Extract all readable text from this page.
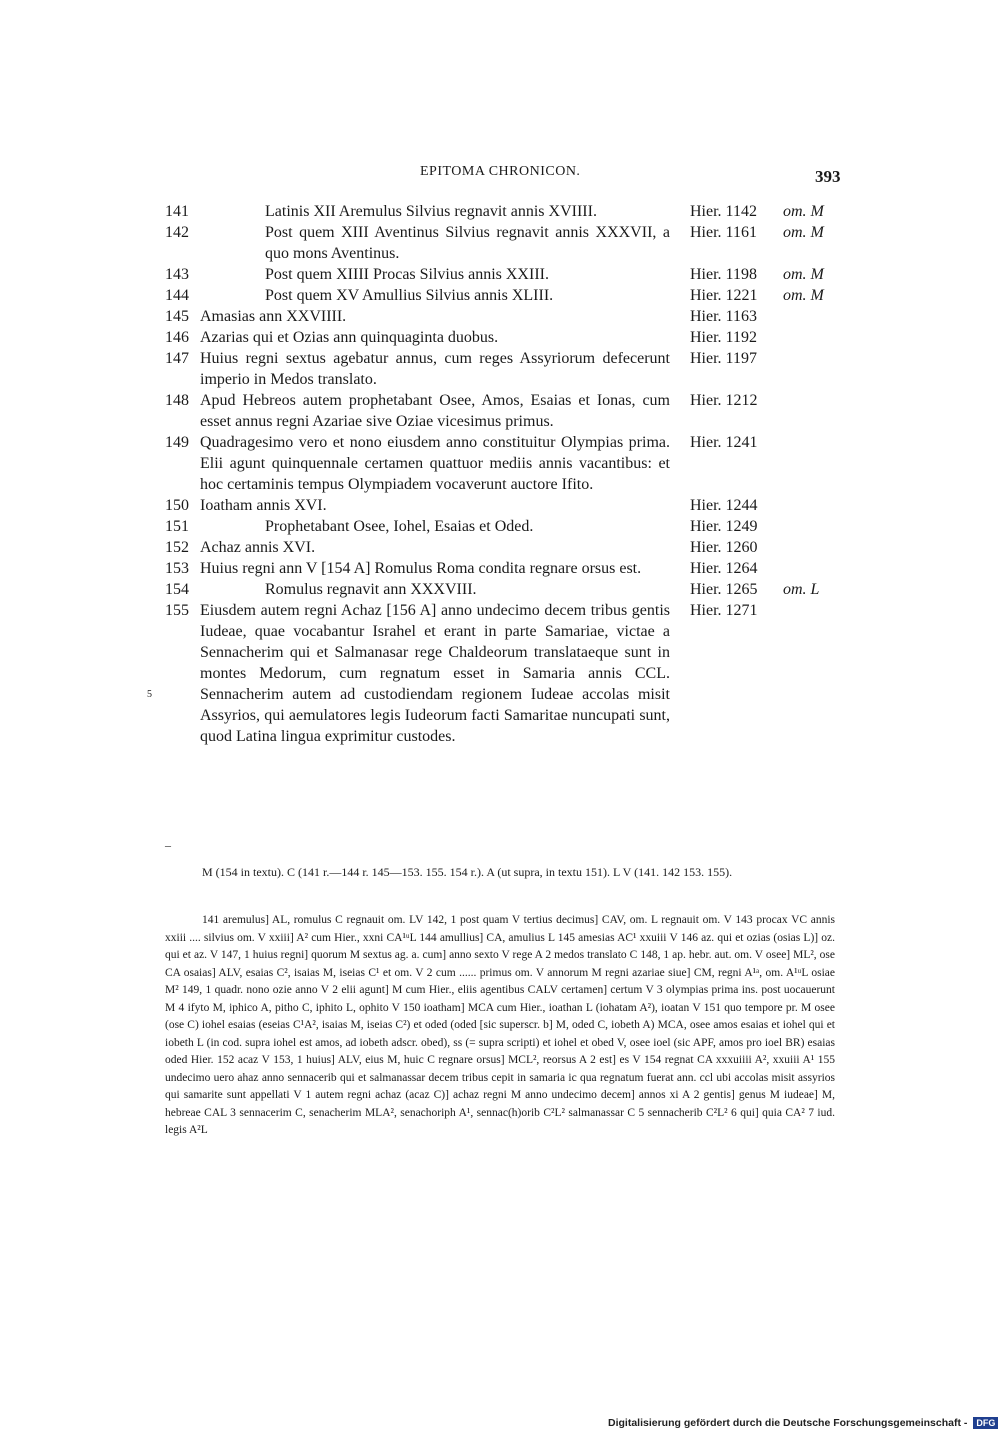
EPITOMA CHRONICON.	393
141	Latinis XII Aremulus Silvius regnavit annis XVIIII.	Hier. 1142 om. M
142	Post quem XIII Aventinus Silvius regnavit annis XXXVII, a quo mons Aventinus.
Hier. 1161 om. M
143	Post quem XIIII Procas Silvius annis XXIII.	Hier. 1198 om. M
144	Post quem XV Amullius Silvius annis XLIII.	Hier. 1221 om. M
145 Amasias ann XXVIIII.	Hier. 1163
146 Azarias qui et Ozias ann quinquaginta duobus.	Hier. 1192
147 Huius regni sextus agebatur annus, cum reges Assyriorum defecerunt imperio in Medos translato.
Hier. 1197
148 Apud Hebreos autem prophetabant Osee, Amos, Esaias et Ionas, cum esset annus regni Azariae sive Oziae vicesimus primus.
Hier. 1212
149 Quadragesimo vero et nono eiusdem anno constituitur Olympias prima. Elii agunt quinquennale certamen quattuor mediis annis vacantibus: et hoc certaminis tempus Olympiadem vocaverunt auctore Ifito.
Hier. 1241
150 Ioatham annis XVI.	Hier. 1244
151	Prophetabant Osee, Iohel, Esaias et Oded.	Hier. 1249
152 Achaz annis XVI.	Hier. 1260
153 Huius regni ann V [154 A] Romulus Roma condita regnare orsus est.	Hier. 1264
154	Romulus regnavit ann XXXVIII.	Hier. 1265 om. L
155 Eiusdem autem regni Achaz [156 A] anno undecimo decem tribus gentis Iudeae, quae vocabantur Israhel et erant in parte Samariae, victae a Sennacherim qui et Salmanasar rege Chaldeorum translataeque sunt in montes Medorum, cum regnatum esset in Samaria annis CCL. Sennacherim autem ad custodiendam regionem Iudeae accolas misit Assyrios, qui aemulatores legis Iudeorum facti Samaritae nuncupati sunt, quod Latina lingua exprimitur custodes.
Hier. 1271
5
–
M (154 in textu). C (141 r.—144 r. 145—153. 155. 154 r.). A (ut supra, in textu 151). L V (141. 142 153. 155).
141 aremulus] AL, romulus C regnauit om. LV 142, 1 post quam V tertius decimus] CAV, om. L regnauit om. V 143 procax VC annis xxiii .... silvius om. V xxiii] A² cum Hier., xxni CA¹ᵘL 144 amullius] CA, amulius L 145 amesias AC¹ xxuiii V 146 az. qui et ozias (osias L)] oz. qui et az. V 147, 1 huius regni] quorum M sextus ag. a. cum] anno sexto V rege A 2 medos translato C 148, 1 ap. hebr. aut. om. V osee] ML², ose CA osaias] ALV, esaias C², isaias M, iseias C¹ et om. V 2 cum ...... primus om. V annorum M regni azariae siue] CM, regni A¹ᵃ, om. A¹ᵘL osiae M² 149, 1 quadr. nono ozie anno V 2 elii agunt] M cum Hier., eliis agentibus CALV certamen] certum V 3 olympias prima ins. post uocauerunt M 4 ifyto M, iphico A, pitho C, iphito L, ophito V 150 ioatham] MCA cum Hier., ioathan L (iohatam A²), ioatan V 151 quo tempore pr. M osee (ose C) iohel esaias (eseias C¹A², isaias M, iseias C²) et oded (oded [sic superscr. b] M, oded C, iobeth A) MCA, osee amos esaias et iohel qui et iobeth L (in cod. supra iohel est amos, ad iobeth adscr. obed), ss (= supra scripti) et iohel et obed V, osee ioel (sic APF, amos pro ioel BR) esaias oded Hier. 152 acaz V 153, 1 huius] ALV, eius M, huic C regnare orsus] MCL², reorsus A 2 est] es V 154 regnat CA xxxuiiii A², xxuiii A¹ 155 undecimo uero ahaz anno sennacerib qui et salmanassar decem tribus cepit in samaria ic qua regnatum fuerat ann. ccl ubi accolas misit assyrios qui samarite sunt appellati V 1 autem regni achaz (acaz C)] achaz regni M anno undecimo decem] annos xi A 2 gentis] genus M iudeae] M, hebreae CAL 3 sennacerim C, senacherim MLA², senachoriph A¹, sennac(h)orib C²L² salmanassar C 5 sennacherib C²L² 6 qui] quia CA² 7 iud. legis A²L
Digitalisierung gefördert durch die Deutsche Forschungsgemeinschaft - DFG
